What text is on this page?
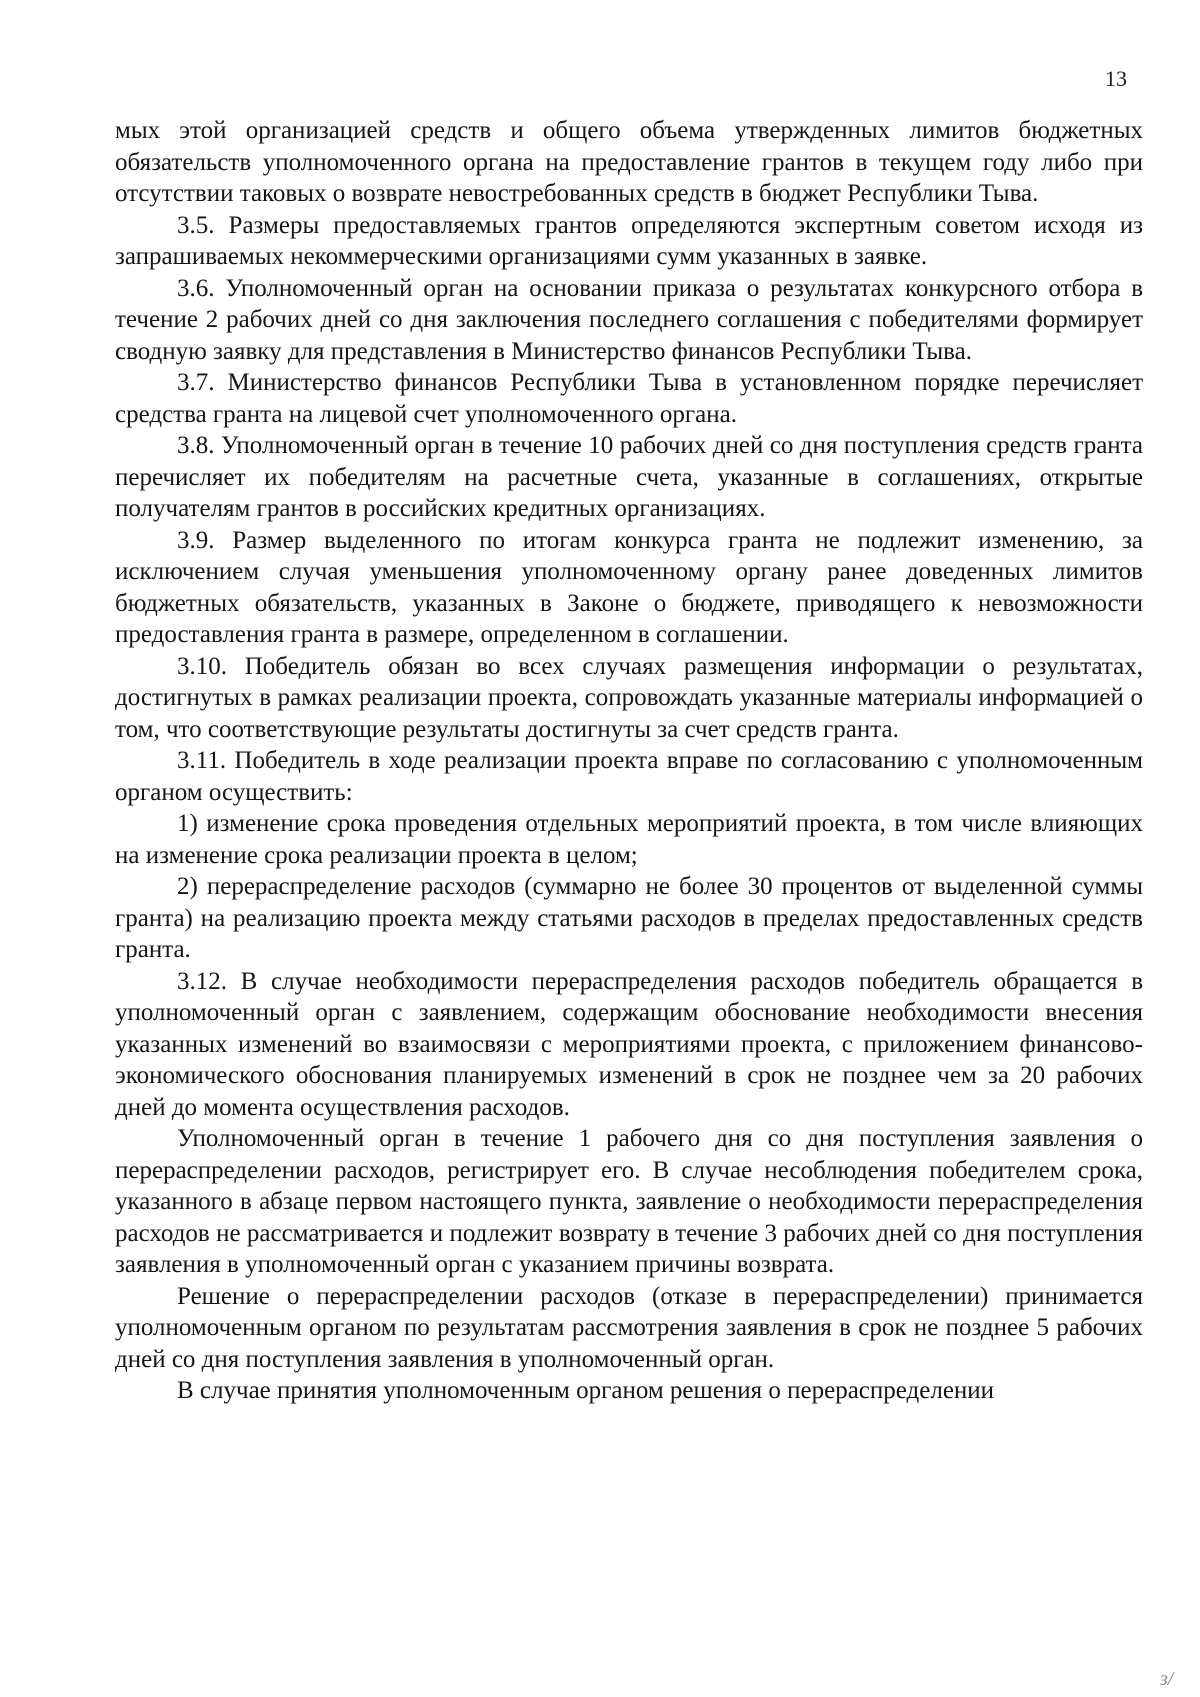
13

мых этой организацией средств и общего объема утвержденных лимитов бюджетных обязательств уполномоченного органа на предоставление грантов в текущем году либо при отсутствии таковых о возврате невостребованных средств в бюджет Республики Тыва.

3.5. Размеры предоставляемых грантов определяются экспертным советом исходя из запрашиваемых некоммерческими организациями сумм указанных в заявке.

3.6. Уполномоченный орган на основании приказа о результатах конкурсного отбора в течение 2 рабочих дней со дня заключения последнего соглашения с победителями формирует сводную заявку для представления в Министерство финансов Республики Тыва.

3.7. Министерство финансов Республики Тыва в установленном порядке перечисляет средства гранта на лицевой счет уполномоченного органа.

3.8. Уполномоченный орган в течение 10 рабочих дней со дня поступления средств гранта перечисляет их победителям на расчетные счета, указанные в соглашениях, открытые получателям грантов в российских кредитных организациях.

3.9. Размер выделенного по итогам конкурса гранта не подлежит изменению, за исключением случая уменьшения уполномоченному органу ранее доведенных лимитов бюджетных обязательств, указанных в Законе о бюджете, приводящего к невозможности предоставления гранта в размере, определенном в соглашении.

3.10. Победитель обязан во всех случаях размещения информации о результатах, достигнутых в рамках реализации проекта, сопровождать указанные материалы информацией о том, что соответствующие результаты достигнуты за счет средств гранта.

3.11. Победитель в ходе реализации проекта вправе по согласованию с уполномоченным органом осуществить:

1) изменение срока проведения отдельных мероприятий проекта, в том числе влияющих на изменение срока реализации проекта в целом;

2) перераспределение расходов (суммарно не более 30 процентов от выделенной суммы гранта) на реализацию проекта между статьями расходов в пределах предоставленных средств гранта.

3.12. В случае необходимости перераспределения расходов победитель обращается в уполномоченный орган с заявлением, содержащим обоснование необходимости внесения указанных изменений во взаимосвязи с мероприятиями проекта, с приложением финансово-экономического обоснования планируемых изменений в срок не позднее чем за 20 рабочих дней до момента осуществления расходов.

Уполномоченный орган в течение 1 рабочего дня со дня поступления заявления о перераспределении расходов, регистрирует его. В случае несоблюдения победителем срока, указанного в абзаце первом настоящего пункта, заявление о необходимости перераспределения расходов не рассматривается и подлежит возврату в течение 3 рабочих дней со дня поступления заявления в уполномоченный орган с указанием причины возврата.

Решение о перераспределении расходов (отказе в перераспределении) принимается уполномоченным органом по результатам рассмотрения заявления в срок не позднее 5 рабочих дней со дня поступления заявления в уполномоченный орган.

В случае принятия уполномоченным органом решения о перераспределении

ɜ/
